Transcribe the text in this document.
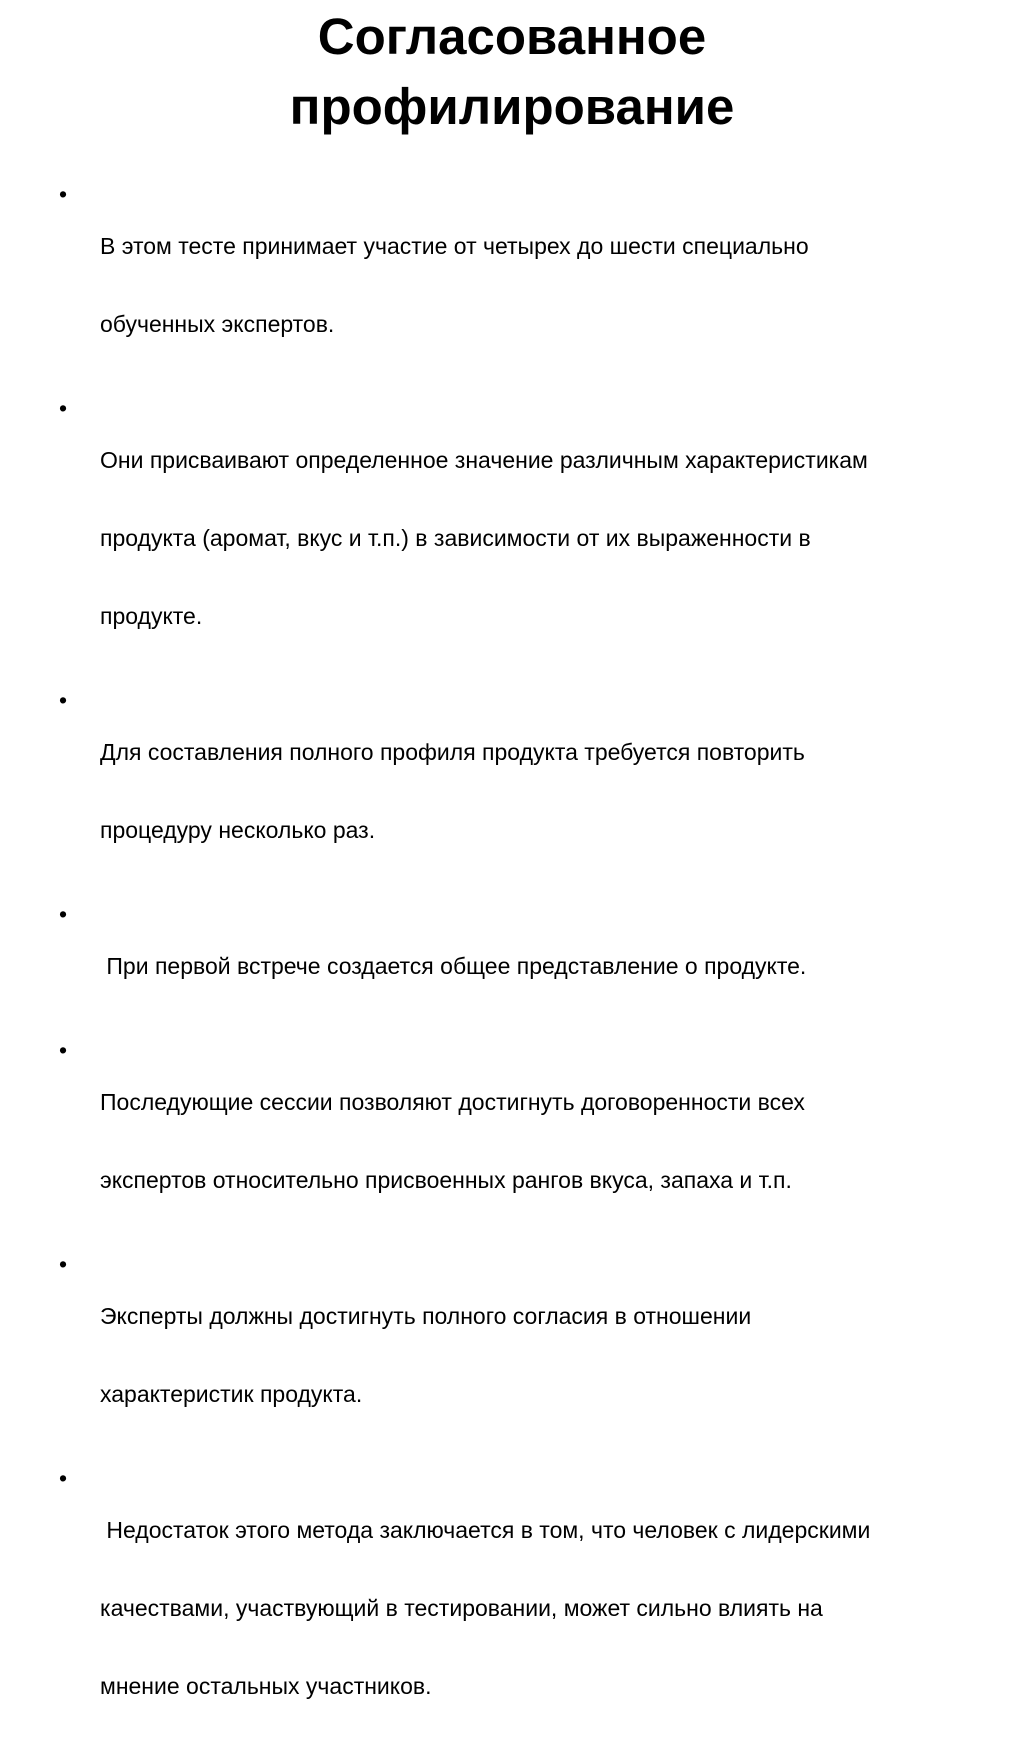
Согласованное
профилирование
•

В этом тесте принимает участие от четырех до шести специально

обученных экспертов.

•

Они присваивают определенное значение различным характеристикам

продукта (аромат, вкус и т.п.) в зависимости от их выраженности в

продукте.

•

Для составления полного профиля продукта требуется повторить

процедуру несколько раз.

•

При первой встрече создается общее представление о продукте.

•

Последующие сессии позволяют достигнуть договоренности всех

экспертов относительно присвоенных рангов вкуса, запаха и т.п.

•

Эксперты должны достигнуть полного согласия в отношении

характеристик продукта.

•

Недостаток этого метода заключается в том, что человек с лидерскими

качествами, участвующий в тестировании, может сильно влиять на

мнение остальных участников.
